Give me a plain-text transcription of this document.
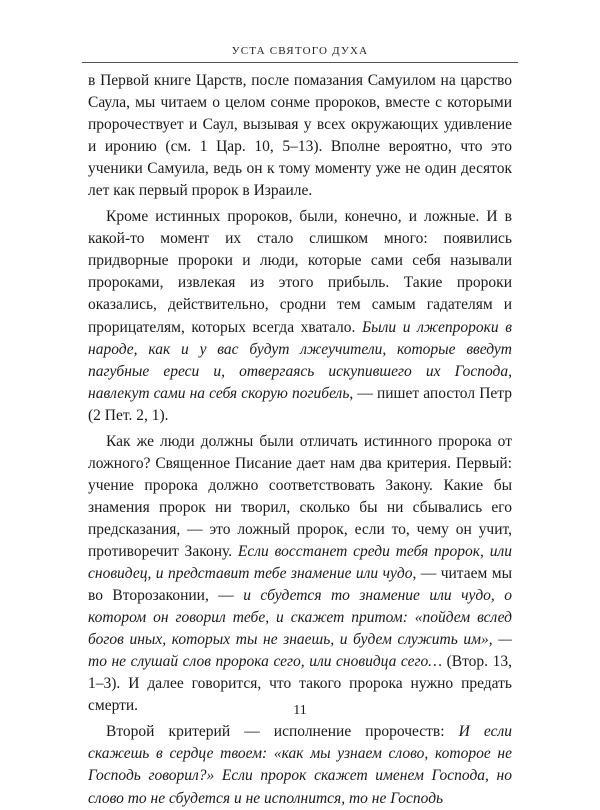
УСТА СВЯТОГО ДУХА

в Первой книге Царств, после помазания Самуилом на царство Саула, мы читаем о целом сонме пророков, вместе с которыми пророчествует и Саул, вызывая у всех окружающих удивление и иронию (см. 1 Цар. 10, 5–13). Вполне вероятно, что это ученики Самуила, ведь он к тому моменту уже не один десяток лет как первый пророк в Израиле.

Кроме истинных пророков, были, конечно, и ложные. И в какой-то момент их стало слишком много: появились придворные пророки и люди, которые сами себя называли пророками, извлекая из этого прибыль. Такие пророки оказались, действительно, сродни тем самым гадателям и прорицателям, которых всегда хватало. Были и лжепророки в народе, как и у вас будут лжеучители, которые введут пагубные ереси и, отвергаясь искупившего их Господа, навлекут сами на себя скорую погибель, — пишет апостол Петр (2 Пет. 2, 1).

Как же люди должны были отличать истинного пророка от ложного? Священное Писание дает нам два критерия. Первый: учение пророка должно соответствовать Закону. Какие бы знамения пророк ни творил, сколько бы ни сбывались его предсказания, — это ложный пророк, если то, чему он учит, противоречит Закону. Если восстанет среди тебя пророк, или сновидец, и представит тебе знамение или чудо, — читаем мы во Второзаконии, — и сбудется то знамение или чудо, о котором он говорил тебе, и скажет притом: «пойдем вслед богов иных, которых ты не знаешь, и будем служить им», — то не слушай слов пророка сего, или сновидца сего… (Втор. 13, 1–3). И далее говорится, что такого пророка нужно предать смерти.

Второй критерий — исполнение пророчеств: И если скажешь в сердце твоем: «как мы узнаем слово, которое не Господь говорил?» Если пророк скажет именем Господа, но слово то не сбудется и не исполнится, то не Господь

11
